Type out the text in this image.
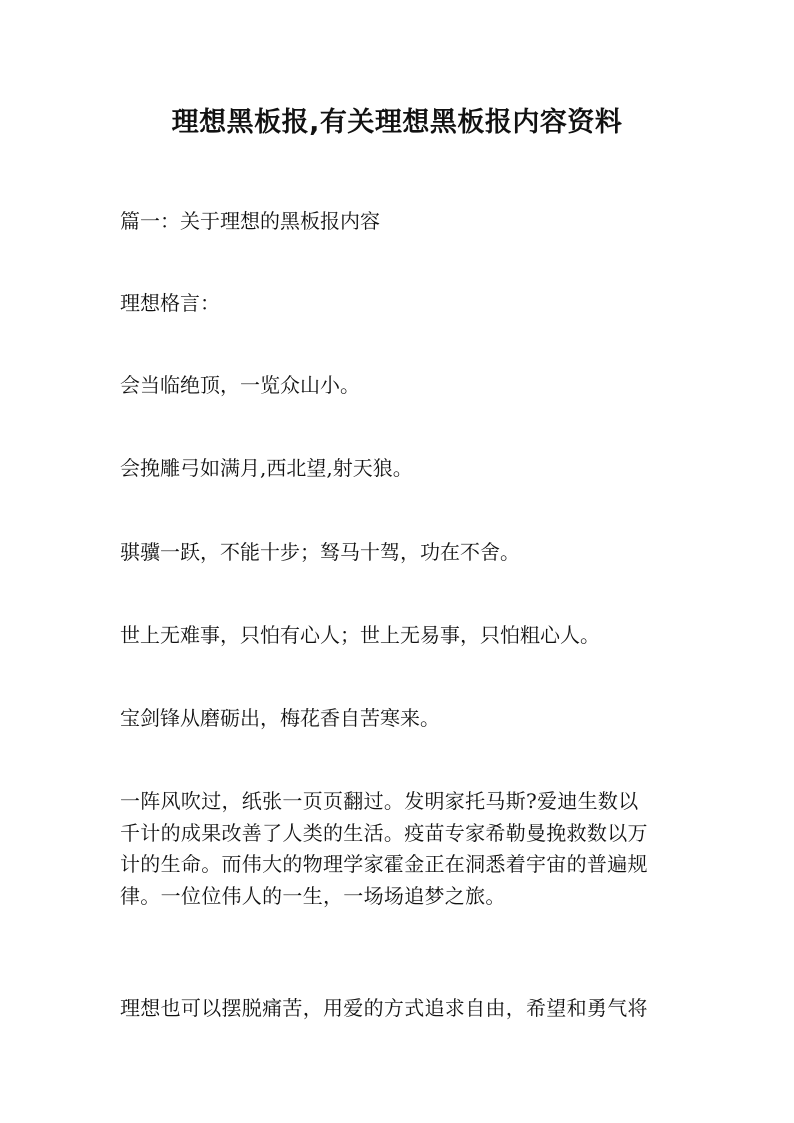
理想黑板报,有关理想黑板报内容资料

篇一：关于理想的黑板报内容

理想格言：

会当临绝顶，一览众山小。

会挽雕弓如满月,西北望,射天狼。

骐骥一跃，不能十步；驽马十驾，功在不舍。

世上无难事，只怕有心人；世上无易事，只怕粗心人。

宝剑锋从磨砺出，梅花香自苦寒来。

一阵风吹过，纸张一页页翻过。发明家托马斯?爱迪生数以
千计的成果改善了人类的生活。疫苗专家希勒曼挽救数以万
计的生命。而伟大的物理学家霍金正在洞悉着宇宙的普遍规
律。一位位伟人的一生，一场场追梦之旅。
理想也可以摆脱痛苦，用爱的方式追求自由，希望和勇气将
